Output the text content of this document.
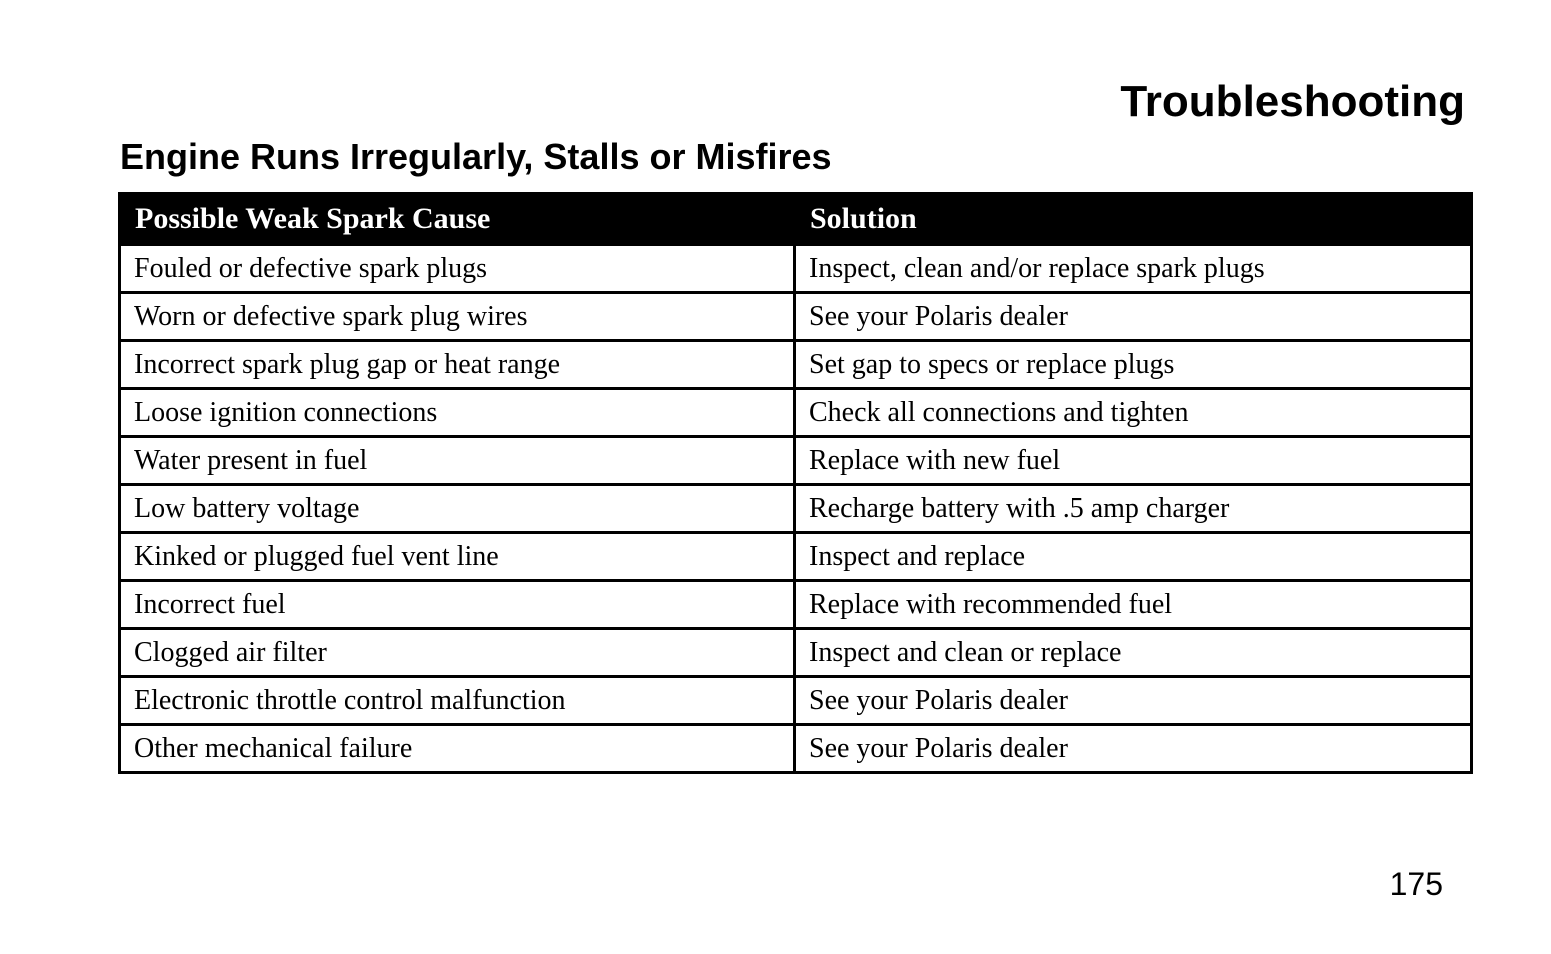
Troubleshooting
Engine Runs Irregularly, Stalls or Misfires
Possible Weak Spark Cause	Solution
Fouled or defective spark plugs	Inspect, clean and/or replace spark plugs
Worn or defective spark plug wires	See your Polaris dealer
Incorrect spark plug gap or heat range	Set gap to specs or replace plugs
Loose ignition connections	Check all connections and tighten
Water present in fuel	Replace with new fuel
Low battery voltage	Recharge battery with .5 amp charger
Kinked or plugged fuel vent line	Inspect and replace
Incorrect fuel	Replace with recommended fuel
Clogged air filter	Inspect and clean or replace
Electronic throttle control malfunction	See your Polaris dealer
Other mechanical failure	See your Polaris dealer
175
